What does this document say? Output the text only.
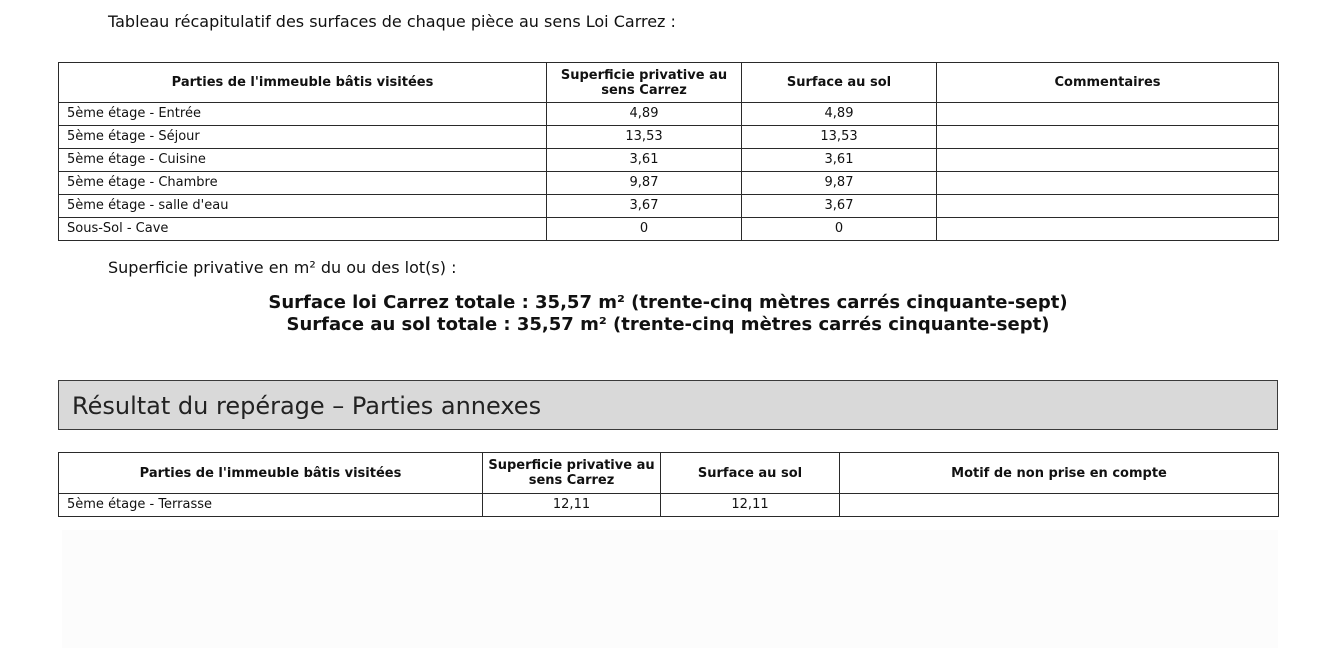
Tableau récapitulatif des surfaces de chaque pièce au sens Loi Carrez :

Parties de l'immeuble bâtis visitées	Superficie privative au sens Carrez	Surface au sol	Commentaires
5ème étage - Entrée	4,89	4,89	
5ème étage - Séjour	13,53	13,53	
5ème étage - Cuisine	3,61	3,61	
5ème étage - Chambre	9,87	9,87	
5ème étage - salle d'eau	3,67	3,67	
Sous-Sol - Cave	0	0	

Superficie privative en m² du ou des lot(s) :

Surface loi Carrez totale : 35,57 m² (trente-cinq mètres carrés cinquante-sept)
Surface au sol totale : 35,57 m² (trente-cinq mètres carrés cinquante-sept)
Résultat du repérage – Parties annexes
Parties de l'immeuble bâtis visitées	Superficie privative au sens Carrez	Surface au sol	Motif de non prise en compte
5ème étage - Terrasse	12,11	12,11	
